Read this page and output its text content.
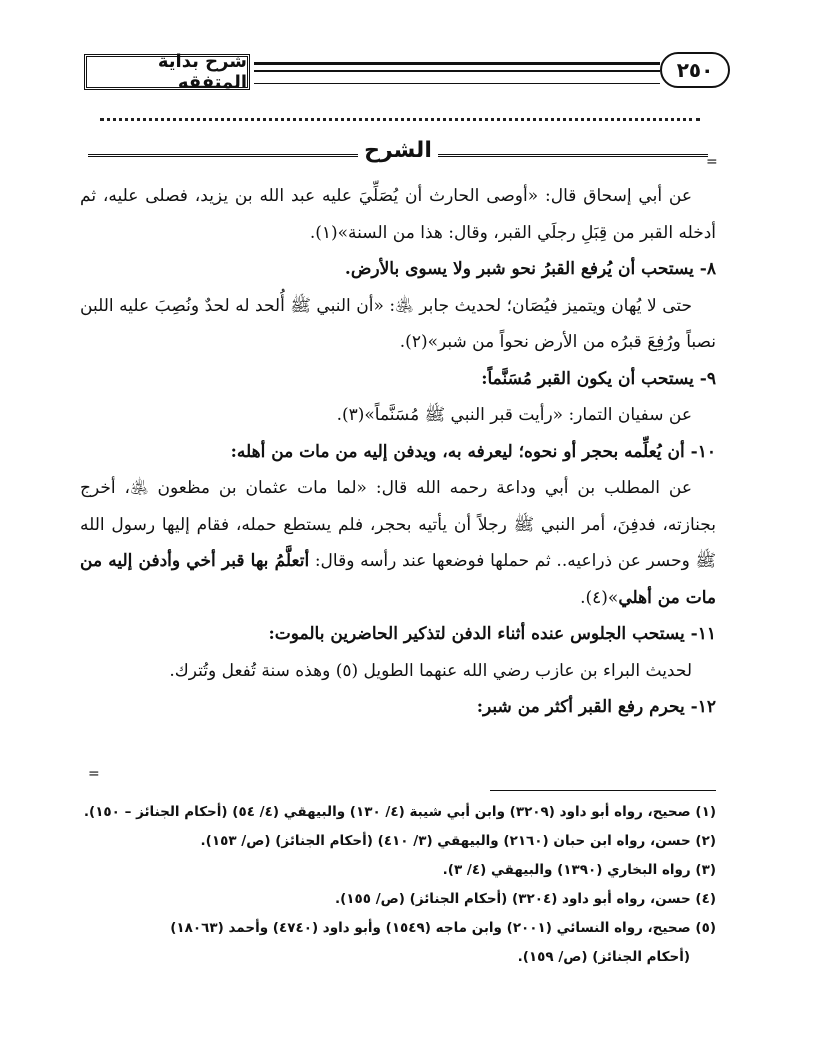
شرح بداية المتفقه
٢٥٠
الشرح	=

عن أبي إسحاق قال: «أوصى الحارث أن يُصَلِّيَ عليه عبد الله بن يزيد، فصلى عليه، ثم أدخله القبر من قِبَلِ رجلَي القبر، وقال: هذا من السنة»(١).

٨- يستحب أن يُرفع القبرُ نحو شبر ولا يسوى بالأرض.

حتى لا يُهان ويتميز فيُصَان؛ لحديث جابر ﵁: «أن النبي ﷺ أُلحد له لحدٌ ونُصِبَ عليه اللبن نصباً ورُفِعَ قبرُه من الأرض نحواً من شبر»(٢).

٩- يستحب أن يكون القبر مُسَنَّماً:

عن سفيان التمار: «رأيت قبر النبي ﷺ مُسَنَّماً»(٣).

١٠- أن يُعلِّمه بحجر أو نحوه؛ ليعرفه به، ويدفن إليه من مات من أهله:

عن المطلب بن أبي وداعة رحمه الله قال: «لما مات عثمان بن مظعون ﵁، أخرج بجنازته، فدفِنَ، أمر النبي ﷺ رجلاً أن يأتيه بحجر، فلم يستطع حمله، فقام إليها رسول الله ﷺ وحسر عن ذراعيه.. ثم حملها فوضعها عند رأسه وقال: أتعلَّمُ بها قبر أخي وأدفن إليه من مات من أهلي»(٤).

١١- يستحب الجلوس عنده أثناء الدفن لتذكير الحاضرين بالموت:

لحديث البراء بن عازب رضي الله عنهما الطويل (٥) وهذه سنة تُفعل وتُترك.

١٢- يحرم رفع القبر أكثر من شبر:

=

(١) صحيح، رواه أبو داود (٣٢٠٩) وابن أبي شيبة (٤/ ١٣٠) والبيهقي (٤/ ٥٤) (أحكام الجنائز – ١٥٠).

(٢) حسن، رواه ابن حبان (٢١٦٠) والبيهقي (٣/ ٤١٠) (أحكام الجنائز) (ص/ ١٥٣).

(٣) رواه البخاري (١٣٩٠) والبيهقي (٤/ ٣).

(٤) حسن، رواه أبو داود (٣٢٠٤) (أحكام الجنائز) (ص/ ١٥٥).

(٥) صحيح، رواه النسائي (٢٠٠١) وابن ماجه (١٥٤٩) وأبو داود (٤٧٤٠) وأحمد (١٨٠٦٣)

(أحكام الجنائز) (ص/ ١٥٩).
